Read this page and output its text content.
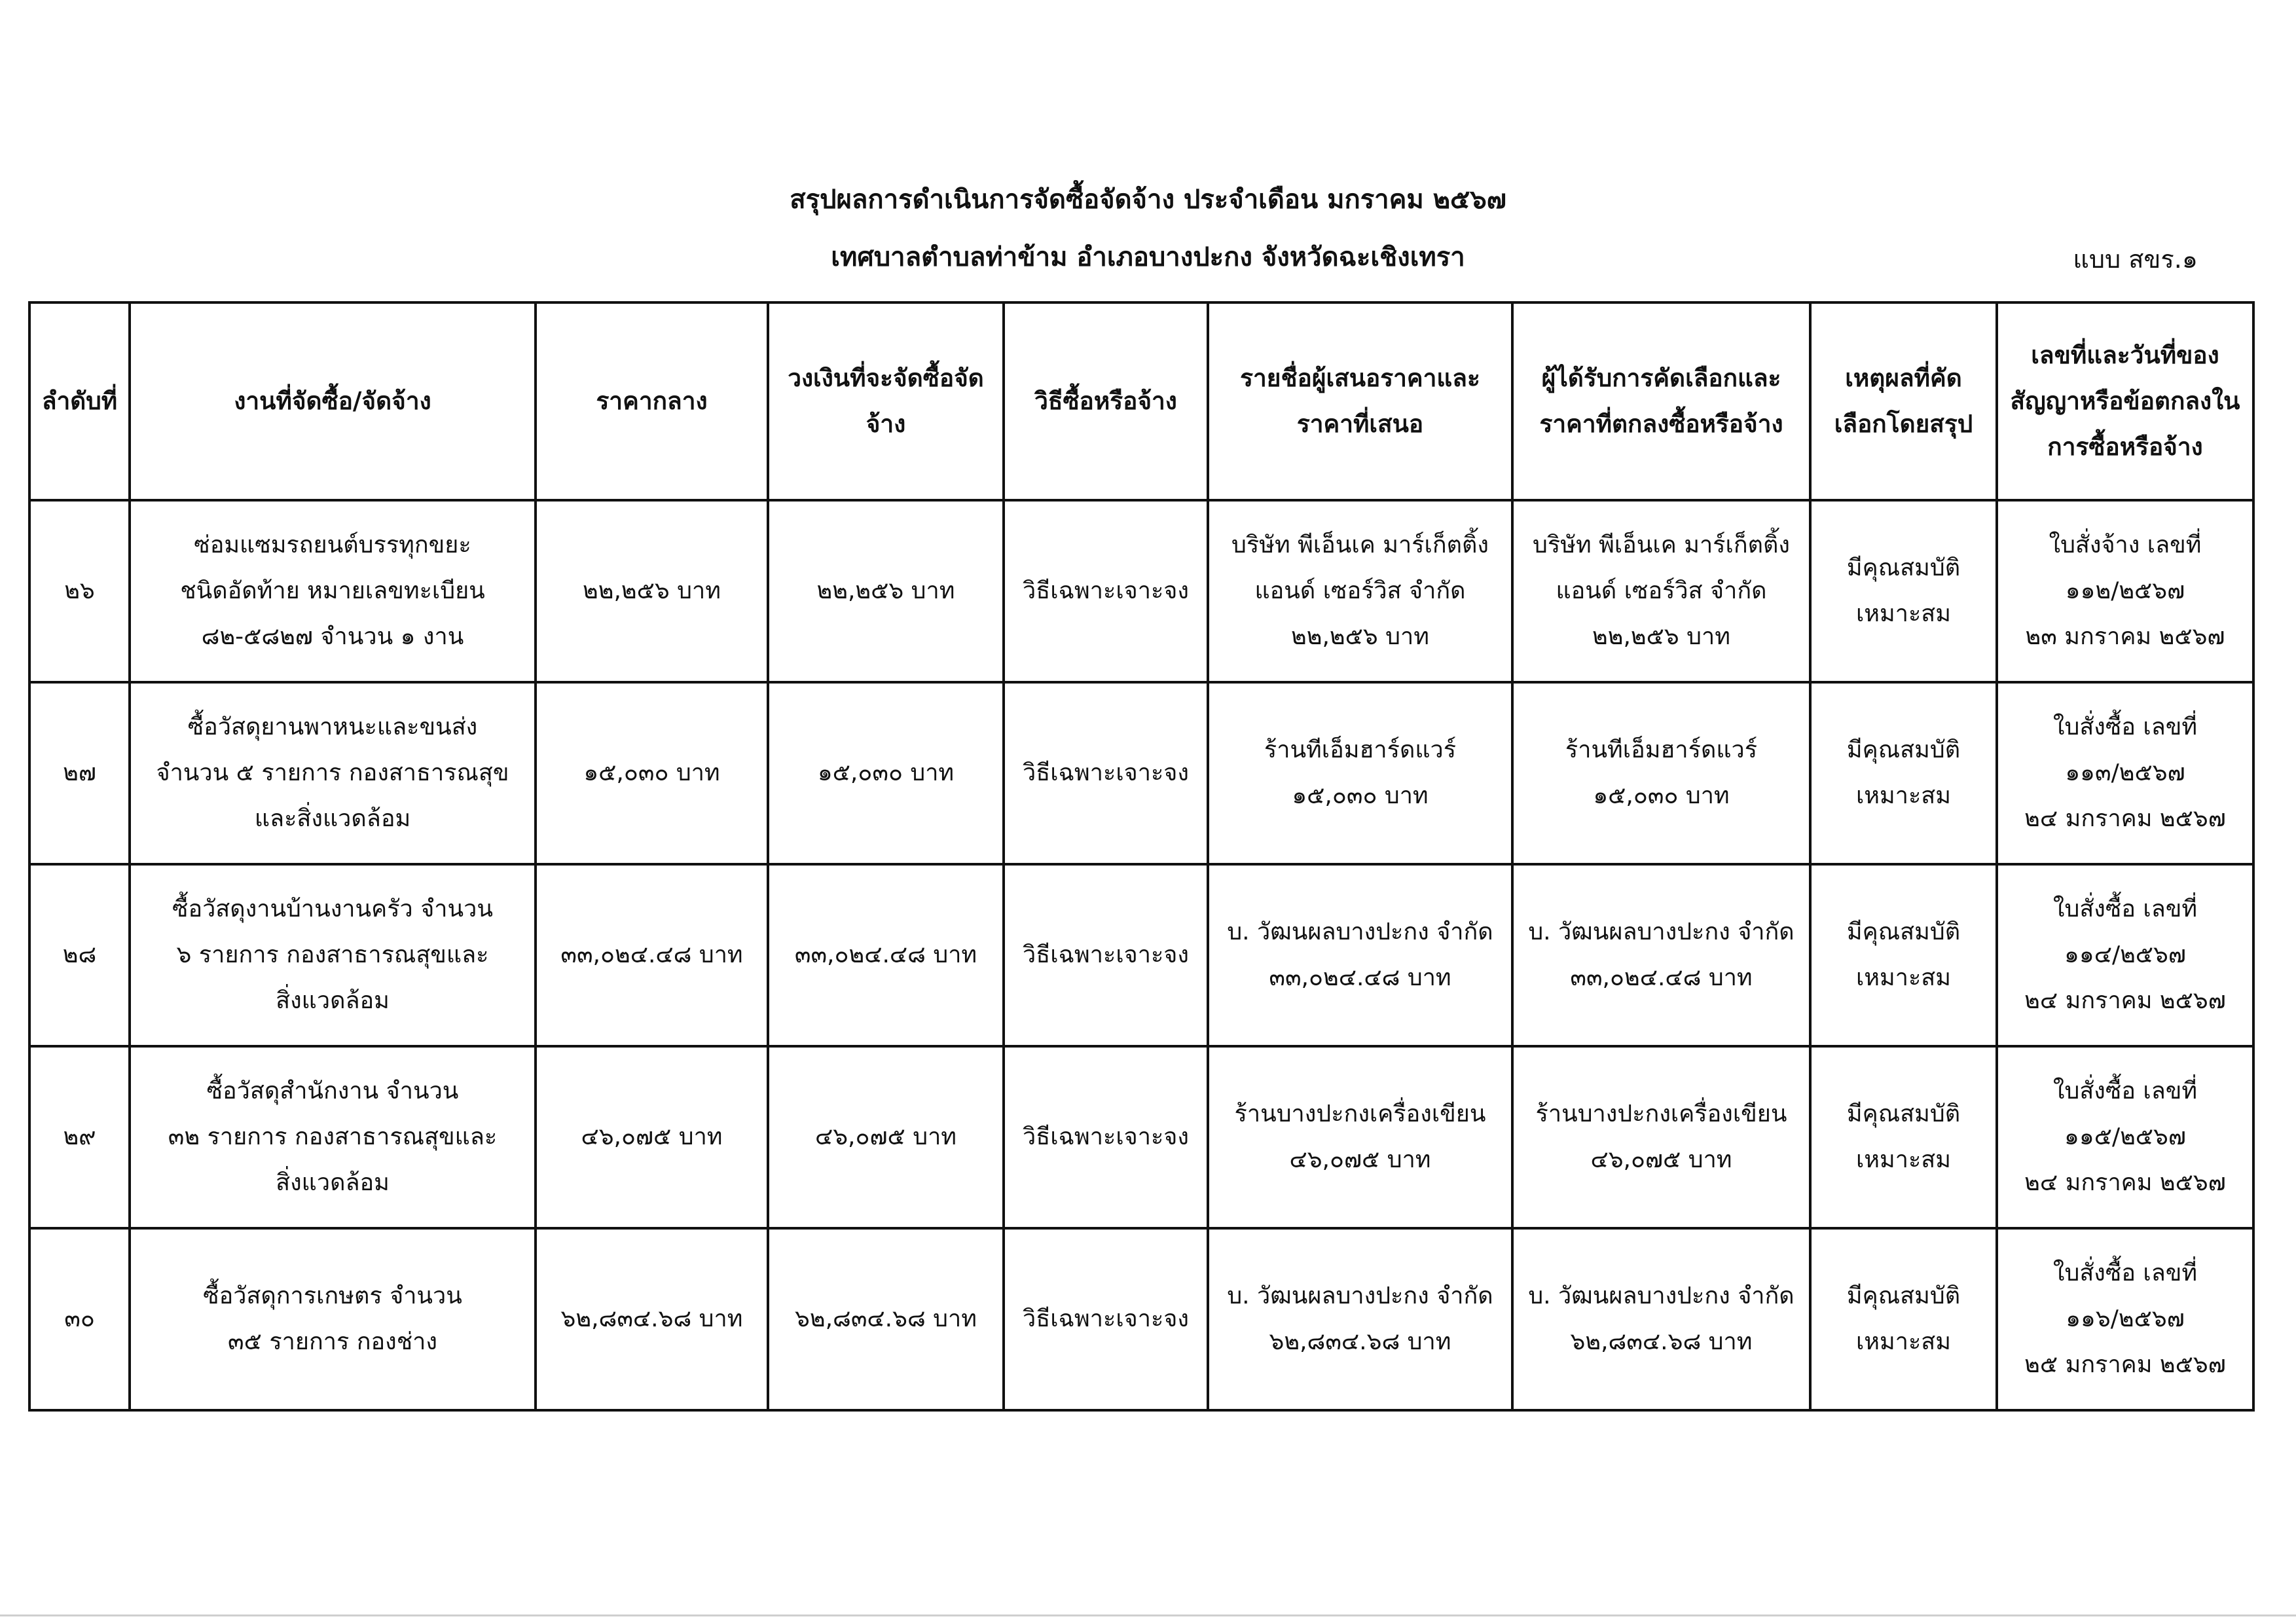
สรุปผลการดำเนินการจัดซื้อจัดจ้าง ประจำเดือน มกราคม ๒๕๖๗
เทศบาลตำบลท่าข้าม อำเภอบางปะกง จังหวัดฉะเชิงเทรา	แบบ สขร.๑
ลำดับที่	งานที่จัดซื้อ/จัดจ้าง	ราคากลาง	วงเงินที่จะจัดซื้อจัดจ้าง	วิธีซื้อหรือจ้าง	รายชื่อผู้เสนอราคาและราคาที่เสนอ	ผู้ได้รับการคัดเลือกและราคาที่ตกลงซื้อหรือจ้าง	เหตุผลที่คัดเลือกโดยสรุป	เลขที่และวันที่ของสัญญาหรือข้อตกลงในการซื้อหรือจ้าง

๒๖	ซ่อมแซมรถยนต์บรรทุกขยะ
ชนิดอัดท้าย หมายเลขทะเบียน
๘๒-๕๘๒๗ จำนวน ๑ งาน	๒๒,๒๕๖ บาท	๒๒,๒๕๖ บาท	วิธีเฉพาะเจาะจง	บริษัท พีเอ็นเค มาร์เก็ตติ้ง
แอนด์ เซอร์วิส จำกัด
๒๒,๒๕๖ บาท	บริษัท พีเอ็นเค มาร์เก็ตติ้ง
แอนด์ เซอร์วิส จำกัด
๒๒,๒๕๖ บาท	มีคุณสมบัติ
เหมาะสม	ใบสั่งจ้าง เลขที่
๑๑๒/๒๕๖๗
๒๓ มกราคม ๒๕๖๗

๒๗	ซื้อวัสดุยานพาหนะและขนส่ง
จำนวน ๕ รายการ กองสาธารณสุข
และสิ่งแวดล้อม	๑๕,๐๓๐ บาท	๑๕,๐๓๐ บาท	วิธีเฉพาะเจาะจง	ร้านทีเอ็มฮาร์ดแวร์
๑๕,๐๓๐ บาท	ร้านทีเอ็มฮาร์ดแวร์
๑๕,๐๓๐ บาท	มีคุณสมบัติ
เหมาะสม	ใบสั่งซื้อ เลขที่
๑๑๓/๒๕๖๗
๒๔ มกราคม ๒๕๖๗

๒๘	ซื้อวัสดุงานบ้านงานครัว จำนวน
๖ รายการ กองสาธารณสุขและ
สิ่งแวดล้อม	๓๓,๐๒๔.๔๘ บาท	๓๓,๐๒๔.๔๘ บาท	วิธีเฉพาะเจาะจง	บ. วัฒนผลบางปะกง จำกัด
๓๓,๐๒๔.๔๘ บาท	บ. วัฒนผลบางปะกง จำกัด
๓๓,๐๒๔.๔๘ บาท	มีคุณสมบัติ
เหมาะสม	ใบสั่งซื้อ เลขที่
๑๑๔/๒๕๖๗
๒๔ มกราคม ๒๕๖๗

๒๙	ซื้อวัสดุสำนักงาน จำนวน
๓๒ รายการ กองสาธารณสุขและ
สิ่งแวดล้อม	๔๖,๐๗๕ บาท	๔๖,๐๗๕ บาท	วิธีเฉพาะเจาะจง	ร้านบางปะกงเครื่องเขียน
๔๖,๐๗๕ บาท	ร้านบางปะกงเครื่องเขียน
๔๖,๐๗๕ บาท	มีคุณสมบัติ
เหมาะสม	ใบสั่งซื้อ เลขที่
๑๑๕/๒๕๖๗
๒๔ มกราคม ๒๕๖๗

๓๐	ซื้อวัสดุการเกษตร จำนวน
๓๕ รายการ กองช่าง	๖๒,๘๓๔.๖๘ บาท	๖๒,๘๓๔.๖๘ บาท	วิธีเฉพาะเจาะจง	บ. วัฒนผลบางปะกง จำกัด
๖๒,๘๓๔.๖๘ บาท	บ. วัฒนผลบางปะกง จำกัด
๖๒,๘๓๔.๖๘ บาท	มีคุณสมบัติ
เหมาะสม	ใบสั่งซื้อ เลขที่
๑๑๖/๒๕๖๗
๒๕ มกราคม ๒๕๖๗
